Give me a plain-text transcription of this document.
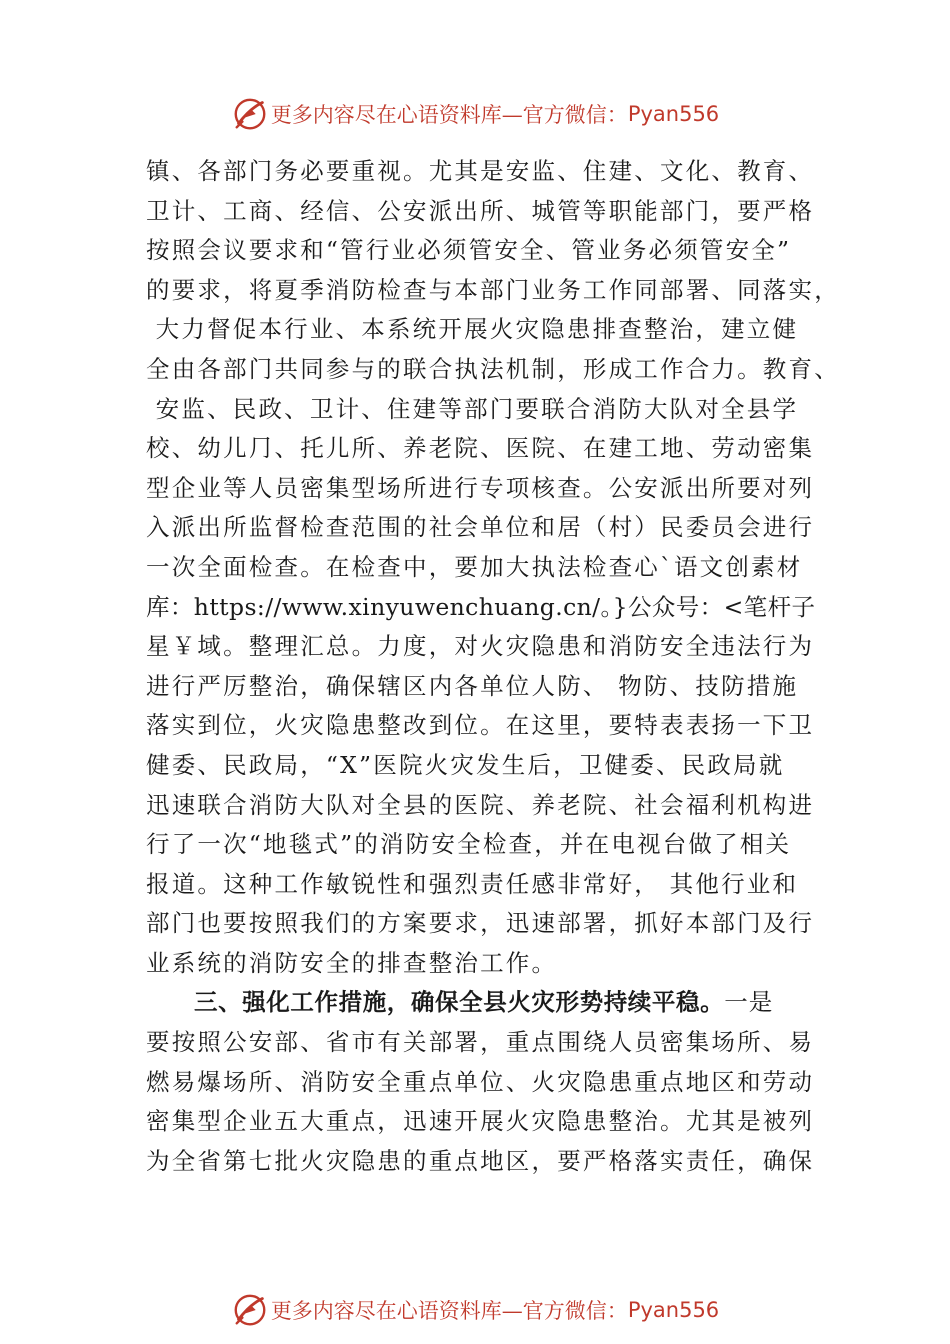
更多内容尽在心语资料库—官方微信： Pyan556
镇、各部门务必要重视。尤其是安监、住建、文化、教育、
卫计、工商、经信、公安派出所、城管等职能部门，要严格
按照会议要求和“管行业必须管安全、管业务必须管安全”
的要求，将夏季消防检查与本部门业务工作同部署、同落实，
大力督促本行业、本系统开展火灾隐患排查整治，建立健
全由各部门共同参与的联合执法机制，形成工作合力。教育、
安监、民政、卫计、住建等部门要联合消防大队对全县学
校、幼儿⺆、托儿所、养老院、医院、在建工地、劳动密集
型企业等人员密集型场所进行专项核查。公安派出所要对列
入派出所监督检查范围的社会单位和居（村）民委员会进行
一次全面检查。在检查中，要加大执法检查心`语文创素材
库：https://www.xinyuwenchuang.cn/。}公众号：<笔杆子
星￥域。整理汇总。力度，对火灾隐患和消防安全违法行为
进行严厉整治，确保辖区内各单位人防、 物防、技防措施
落实到位，火灾隐患整改到位。在这里，要特表表扬一下卫
健委、民政局，“X”医院火灾发生后，卫健委、民政局就
迅速联合消防大队对全县的医院、养老院、社会福利机构进
行了一次“地毯式”的消防安全检查，并在电视台做了相关
报道。这种工作敏锐性和强烈责任感非常好， 其他行业和
部门也要按照我们的方案要求，迅速部署，抓好本部门及行
业系统的消防安全的排查整治工作。
三、强化工作措施，确保全县火灾形势持续平稳。一是
要按照公安部、省市有关部署，重点围绕人员密集场所、易
燃易爆场所、消防安全重点单位、火灾隐患重点地区和劳动
密集型企业五大重点，迅速开展火灾隐患整治。尤其是被列
为全省第七批火灾隐患的重点地区，要严格落实责任，确保
更多内容尽在心语资料库—官方微信： Pyan556
